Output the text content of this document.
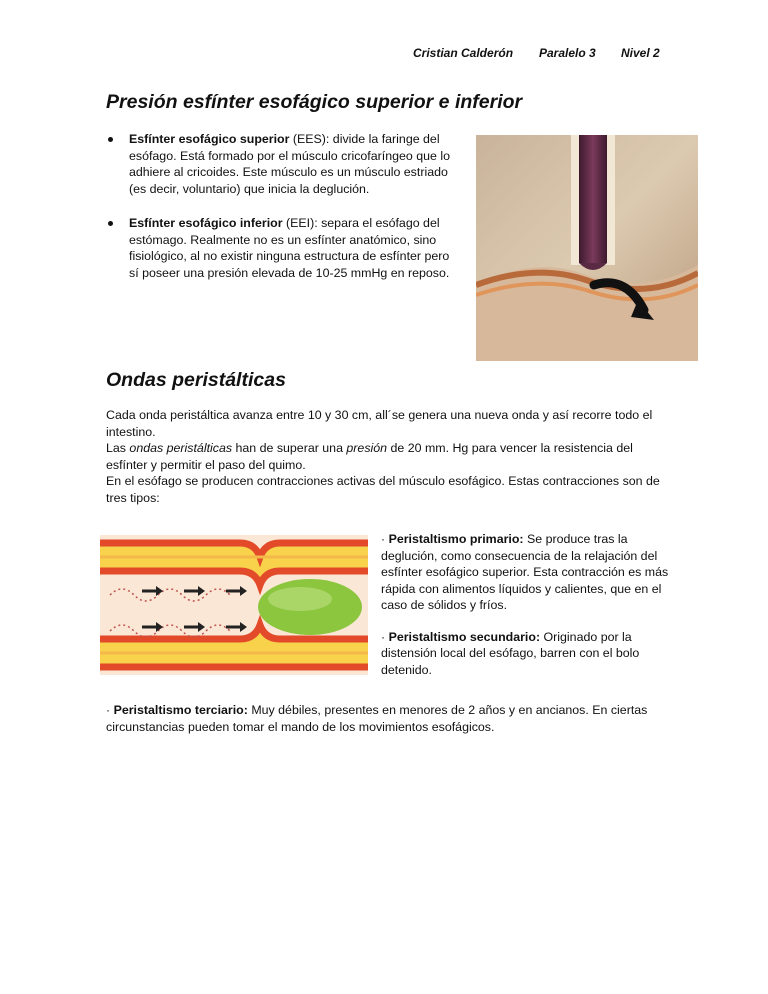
Cristian Calderón Paralelo 3 Nivel 2
Presión esfínter esofágico superior e inferior
Esfínter esofágico superior (EES): divide la faringe del esófago. Está formado por el músculo cricofaríngeo que lo adhiere al cricoides. Este músculo es un músculo estriado (es decir, voluntario) que inicia la deglución.
Esfínter esofágico inferior (EEI): separa el esófago del estómago. Realmente no es un esfínter anatómico, sino fisiológico, al no existir ninguna estructura de esfínter pero sí poseer una presión elevada de 10-25 mmHg en reposo.
Ondas peristálticas

Cada onda peristáltica avanza entre 10 y 30 cm, all´se genera una nueva onda y así recorre todo el intestino.

Las ondas peristálticas han de superar una presión de 20 mm. Hg para vencer la resistencia del esfínter y permitir el paso del quimo.

En el esófago se producen contracciones activas del músculo esofágico. Estas contracciones son de tres tipos:

· Peristaltismo primario: Se produce tras la deglución, como consecuencia de la relajación del esfínter esofágico superior. Esta contracción es más rápida con alimentos líquidos y calientes, que en el caso de sólidos y fríos.

· Peristaltismo secundario: Originado por la distensión local del esófago, barren con el bolo detenido.

· Peristaltismo terciario: Muy débiles, presentes en menores de 2 años y en ancianos. En ciertas circunstancias pueden tomar el mando de los movimientos esofágicos.
